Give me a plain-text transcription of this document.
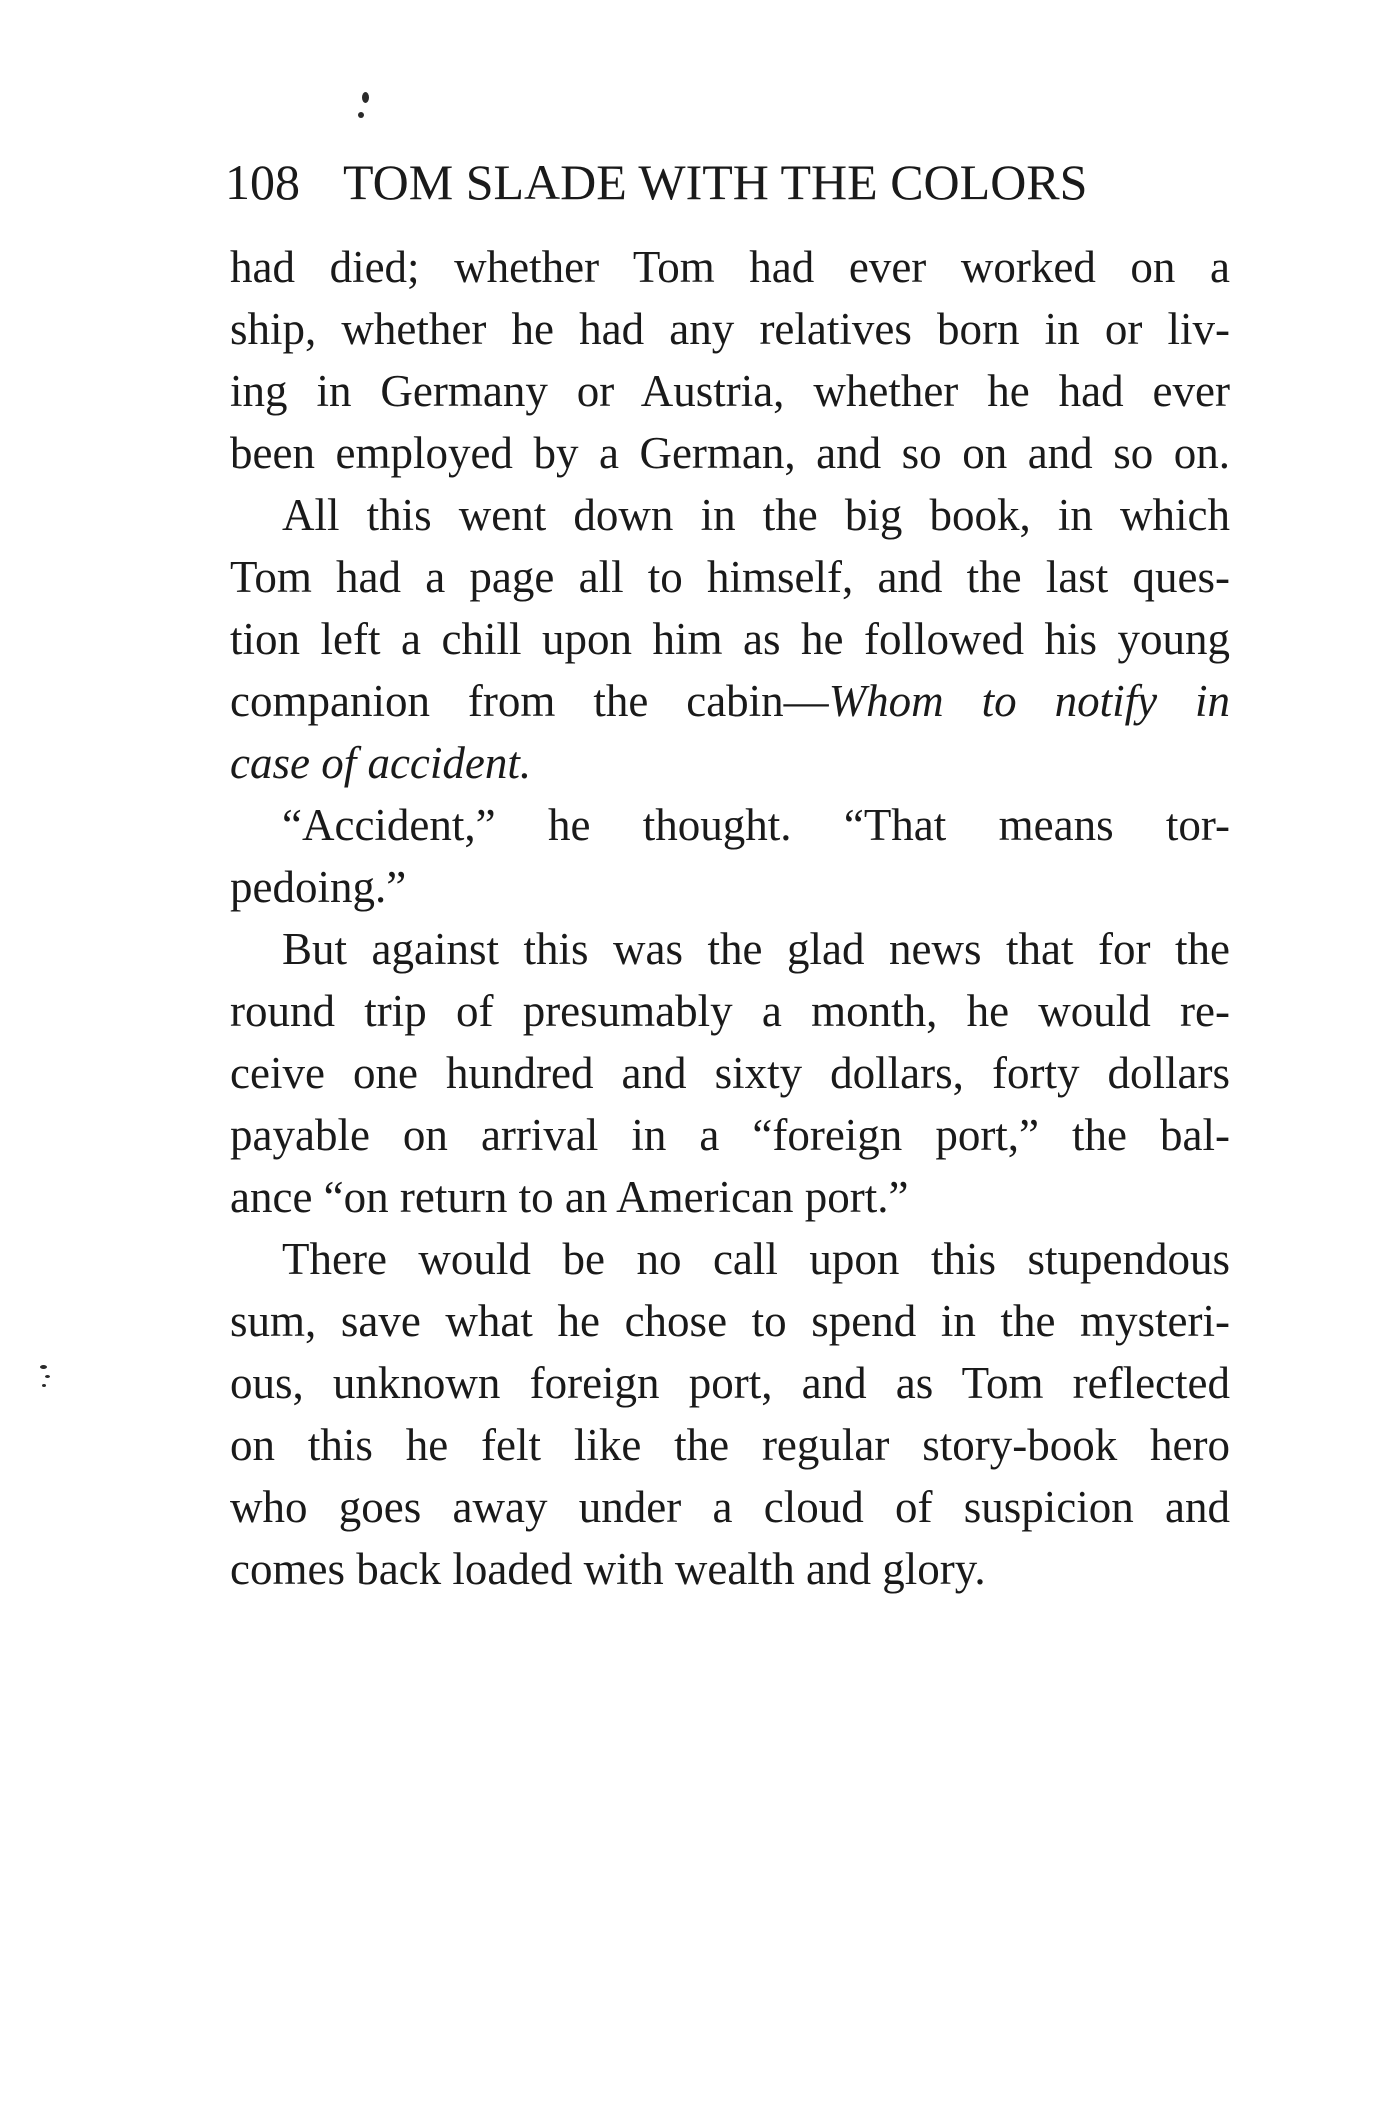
108 TOM SLADE WITH THE COLORS
had died; whether Tom had ever worked on a
ship, whether he had any relatives born in or liv-
ing in Germany or Austria, whether he had ever
been employed by a German, and so on and so on.
All this went down in the big book, in which
Tom had a page all to himself, and the last ques-
tion left a chill upon him as he followed his young
companion from the cabin—Whom to notify in
case of accident.
“Accident,” he thought. “That means tor-
pedoing.”
But against this was the glad news that for the
round trip of presumably a month, he would re-
ceive one hundred and sixty dollars, forty dollars
payable on arrival in a “foreign port,” the bal-
ance “on return to an American port.”
There would be no call upon this stupendous
sum, save what he chose to spend in the mysteri-
ous, unknown foreign port, and as Tom reflected
on this he felt like the regular story-book hero
who goes away under a cloud of suspicion and
comes back loaded with wealth and glory.
